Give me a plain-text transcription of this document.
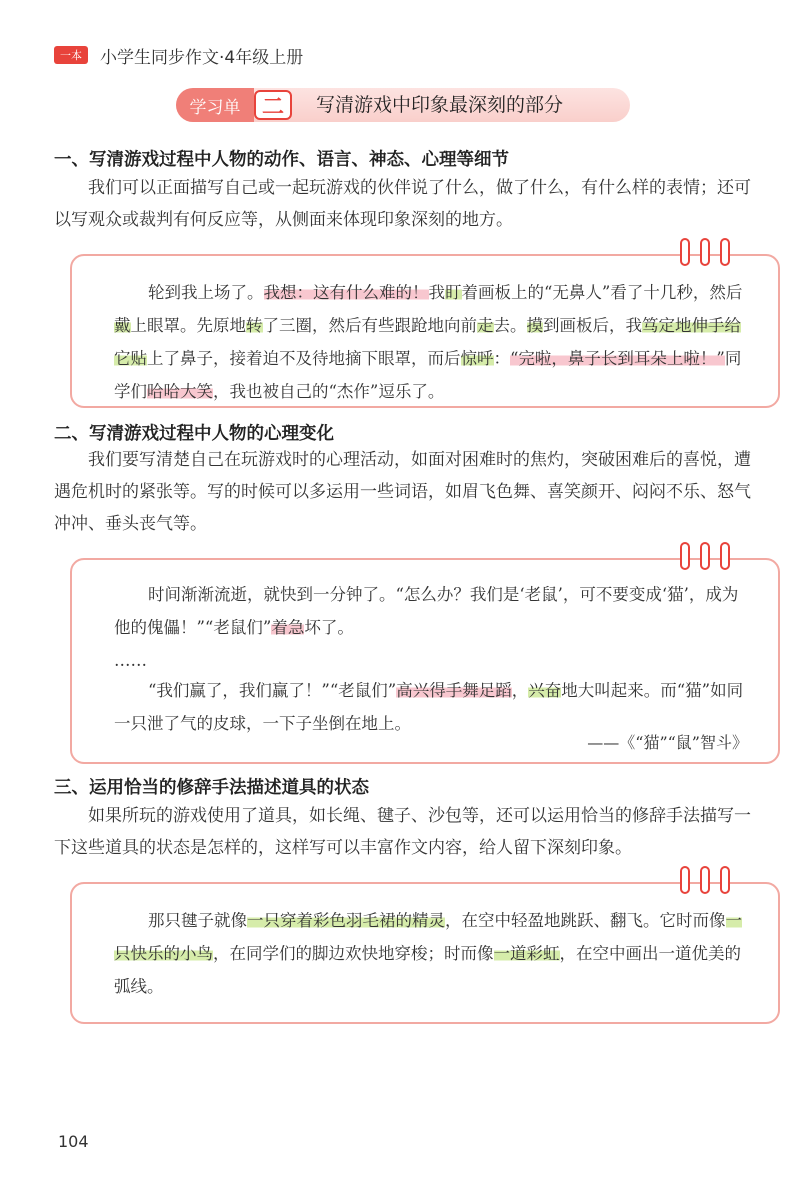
一本	小学生同步作文·4年级上册
学习单 二	写清游戏中印象最深刻的部分
一、写清游戏过程中人物的动作、语言、神态、心理等细节
我们可以正面描写自己或一起玩游戏的伙伴说了什么，做了什么，有什么样的表情；还可以写观众或裁判有何反应等，从侧面来体现印象深刻的地方。
轮到我上场了。我想：这有什么难的！我盯着画板上的“无鼻人”看了十几秒，然后戴上眼罩。先原地转了三圈，然后有些跟跄地向前走去。摸到画板后，我笃定地伸手给它贴上了鼻子，接着迫不及待地摘下眼罩，而后惊呼：“完啦，鼻子长到耳朵上啦！”同学们哈哈大笑，我也被自己的“杰作”逗乐了。
二、写清游戏过程中人物的心理变化
我们要写清楚自己在玩游戏时的心理活动，如面对困难时的焦灼，突破困难后的喜悦，遭遇危机时的紧张等。写的时候可以多运用一些词语，如眉飞色舞、喜笑颜开、闷闷不乐、怒气冲冲、垂头丧气等。
时间渐渐流逝，就快到一分钟了。“怎么办？我们是‘老鼠’，可不要变成‘猫’，成为他的傀儡！”“老鼠们”着急坏了。
……
“我们赢了，我们赢了！”“老鼠们”高兴得手舞足蹈，兴奋地大叫起来。而“猫”如同一只泄了气的皮球，一下子坐倒在地上。
——《“猫”“鼠”智斗》
三、运用恰当的修辞手法描述道具的状态
如果所玩的游戏使用了道具，如长绳、毽子、沙包等，还可以运用恰当的修辞手法描写一下这些道具的状态是怎样的，这样写可以丰富作文内容，给人留下深刻印象。
那只毽子就像一只穿着彩色羽毛裙的精灵，在空中轻盈地跳跃、翻飞。它时而像一只快乐的小鸟，在同学们的脚边欢快地穿梭；时而像一道彩虹，在空中画出一道优美的弧线。
104
